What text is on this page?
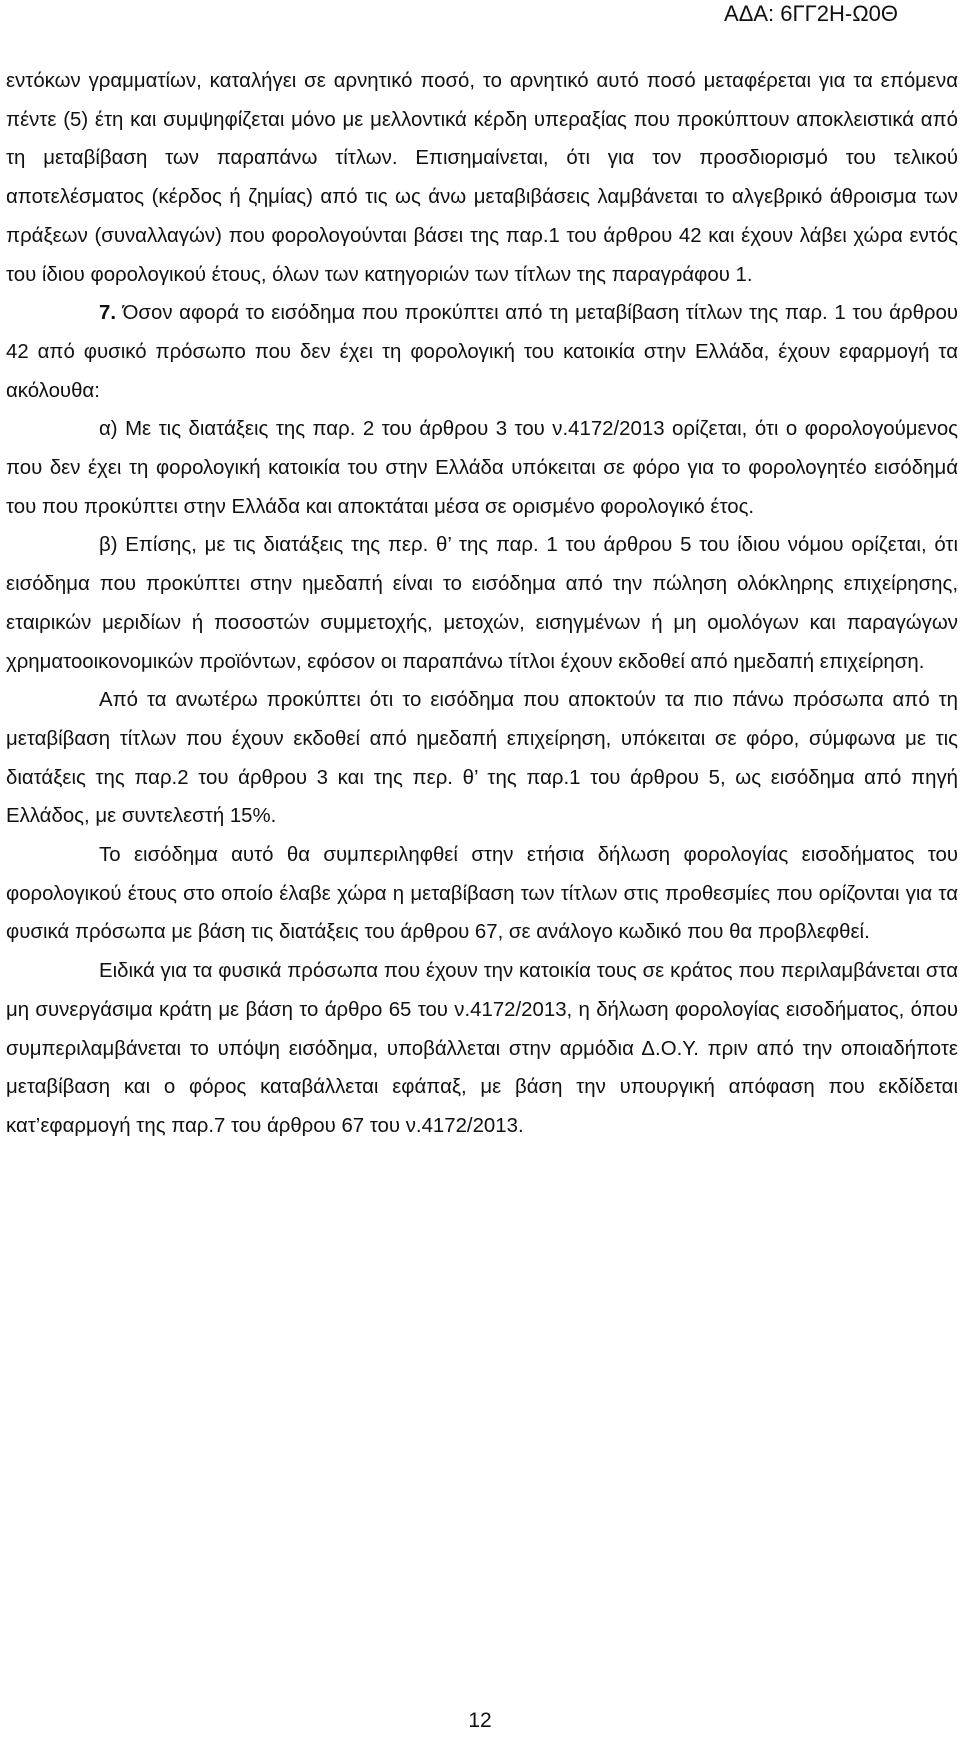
ΑΔΑ: 6ΓΓ2Η-Ω0Θ

εντόκων γραμματίων, καταλήγει σε αρνητικό ποσό, το αρνητικό αυτό ποσό μεταφέρεται για τα επόμενα πέντε (5) έτη και συμψηφίζεται μόνο με μελλοντικά κέρδη υπεραξίας που προκύπτουν αποκλειστικά από τη μεταβίβαση των παραπάνω τίτλων. Επισημαίνεται, ότι για τον προσδιορισμό του τελικού αποτελέσματος (κέρδος ή ζημίας) από τις ως άνω μεταβιβάσεις λαμβάνεται το αλγεβρικό άθροισμα των πράξεων (συναλλαγών) που φορολογούνται βάσει της παρ.1 του άρθρου 42 και έχουν λάβει χώρα εντός του ίδιου φορολογικού έτους, όλων των κατηγοριών των τίτλων της παραγράφου 1.

7. Όσον αφορά το εισόδημα που προκύπτει από τη μεταβίβαση τίτλων της παρ. 1 του άρθρου 42 από φυσικό πρόσωπο που δεν έχει τη φορολογική του κατοικία στην Ελλάδα, έχουν εφαρμογή τα ακόλουθα:

α) Με τις διατάξεις της παρ. 2 του άρθρου 3 του ν.4172/2013 ορίζεται, ότι ο φορολογούμενος που δεν έχει τη φορολογική κατοικία του στην Ελλάδα υπόκειται σε φόρο για το φορολογητέο εισόδημά του που προκύπτει στην Ελλάδα και αποκτάται μέσα σε ορισμένο φορολογικό έτος.

β) Επίσης, με τις διατάξεις της περ. θ’ της παρ. 1 του άρθρου 5 του ίδιου νόμου ορίζεται, ότι εισόδημα που προκύπτει στην ημεδαπή είναι το εισόδημα από την πώληση ολόκληρης επιχείρησης, εταιρικών μεριδίων ή ποσοστών συμμετοχής, μετοχών, εισηγμένων ή μη ομολόγων και παραγώγων χρηματοοικονομικών προϊόντων, εφόσον οι παραπάνω τίτλοι έχουν εκδοθεί από ημεδαπή επιχείρηση.

Από τα ανωτέρω προκύπτει ότι το εισόδημα που αποκτούν τα πιο πάνω πρόσωπα από τη μεταβίβαση τίτλων που έχουν εκδοθεί από ημεδαπή επιχείρηση, υπόκειται σε φόρο, σύμφωνα με τις διατάξεις της παρ.2 του άρθρου 3 και της περ. θ’ της παρ.1 του άρθρου 5, ως εισόδημα από πηγή Ελλάδος, με συντελεστή 15%.

Το εισόδημα αυτό θα συμπεριληφθεί στην ετήσια δήλωση φορολογίας εισοδήματος του φορολογικού έτους στο οποίο έλαβε χώρα η μεταβίβαση των τίτλων στις προθεσμίες που ορίζονται για τα φυσικά πρόσωπα με βάση τις διατάξεις του άρθρου 67, σε ανάλογο κωδικό που θα προβλεφθεί.

Ειδικά για τα φυσικά πρόσωπα που έχουν την κατοικία τους σε κράτος που περιλαμβάνεται στα μη συνεργάσιμα κράτη με βάση το άρθρο 65 του ν.4172/2013, η δήλωση φορολογίας εισοδήματος, όπου συμπεριλαμβάνεται το υπόψη εισόδημα, υποβάλλεται στην αρμόδια Δ.Ο.Υ. πριν από την οποιαδήποτε μεταβίβαση και ο φόρος καταβάλλεται εφάπαξ, με βάση την υπουργική απόφαση που εκδίδεται κατ’εφαρμογή της παρ.7 του άρθρου 67 του ν.4172/2013.

12
